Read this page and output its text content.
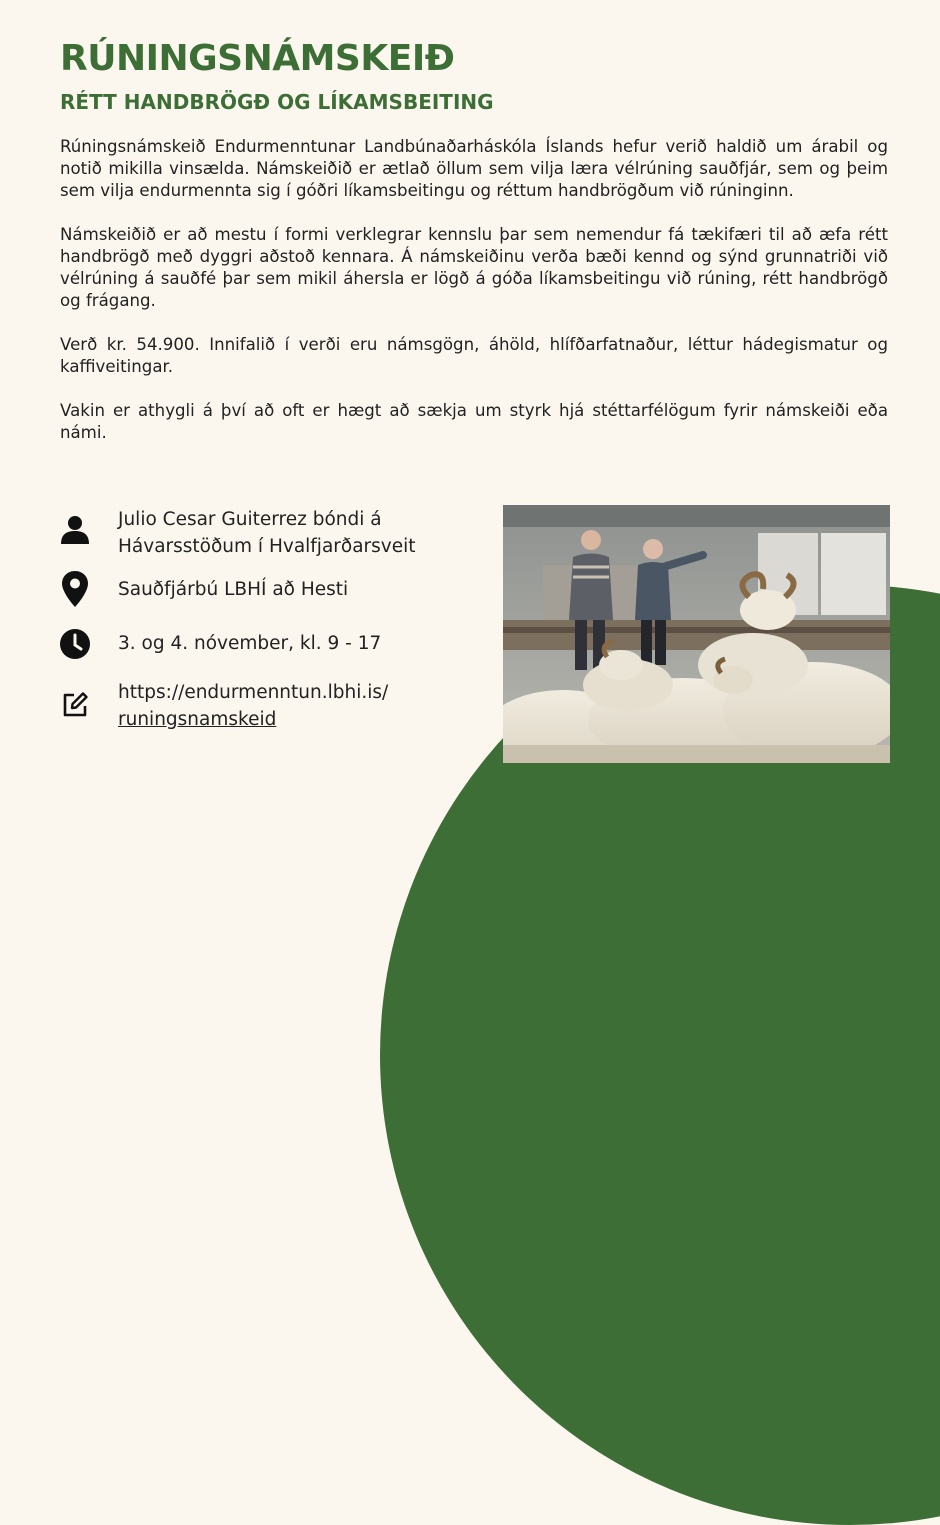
RÚNINGSNÁMSKEIÐ
RÉTT HANDBRÖGÐ OG LÍKAMSBEITING

Rúningsnámskeið Endurmenntunar Landbúnaðarháskóla Íslands hefur verið haldið um árabil og notið mikilla vinsælda. Námskeiðið er ætlað öllum sem vilja læra vélrúning sauðfjár, sem og þeim sem vilja endurmennta sig í góðri líkamsbeitingu og réttum handbrögðum við rúninginn.

Námskeiðið er að mestu í formi verklegrar kennslu þar sem nemendur fá tækifæri til að æfa rétt handbrögð með dyggri aðstoð kennara. Á námskeiðinu verða bæði kennd og sýnd grunnatriði við vélrúning á sauðfé þar sem mikil áhersla er lögð á góða líkamsbeitingu við rúning, rétt handbrögð og frágang.

Verð kr. 54.900. Innifalið í verði eru námsgögn, áhöld, hlífðarfatnaður, léttur hádegismatur og kaffiveitingar.

Vakin er athygli á því að oft er hægt að sækja um styrk hjá stéttarfélögum fyrir námskeiði eða námi.

Julio Cesar Guiterrez bóndi á
Hávarsstöðum í Hvalfjarðarsveit
Sauðfjárbú LBHÍ að Hesti
3. og 4. nóvember, kl. 9 - 17
https://endurmenntun.lbhi.is/
runingsnamskeid
